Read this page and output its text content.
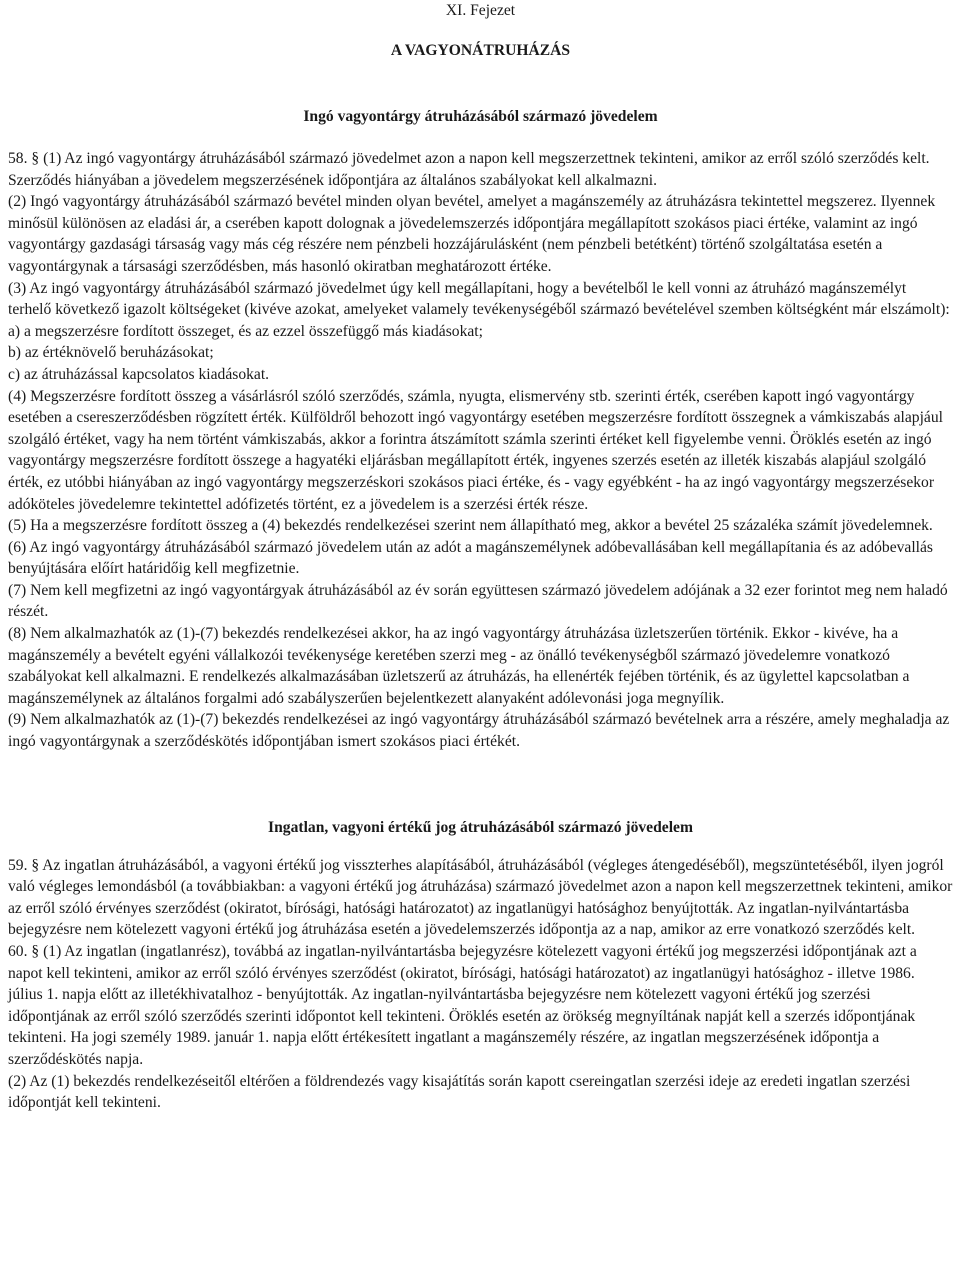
XI. Fejezet
A VAGYONÁTRUHÁZÁS
Ingó vagyontárgy átruházásából származó jövedelem

58. § (1) Az ingó vagyontárgy átruházásából származó jövedelmet azon a napon kell megszerzettnek tekinteni, amikor az erről szóló szerződés kelt. Szerződés hiányában a jövedelem megszerzésének időpontjára az általános szabályokat kell alkalmazni.

(2) Ingó vagyontárgy átruházásából származó bevétel minden olyan bevétel, amelyet a magánszemély az átruházásra tekintettel megszerez. Ilyennek minősül különösen az eladási ár, a cserében kapott dolognak a jövedelemszerzés időpontjára megállapított szokásos piaci értéke, valamint az ingó vagyontárgy gazdasági társaság vagy más cég részére nem pénzbeli hozzájárulásként (nem pénzbeli betétként) történő szolgáltatása esetén a vagyontárgynak a társasági szerződésben, más hasonló okiratban meghatározott értéke.

(3) Az ingó vagyontárgy átruházásából származó jövedelmet úgy kell megállapítani, hogy a bevételből le kell vonni az átruházó magánszemélyt terhelő következő igazolt költségeket (kivéve azokat, amelyeket valamely tevékenységéből származó bevételével szemben költségként már elszámolt):

a) a megszerzésre fordított összeget, és az ezzel összefüggő más kiadásokat;

b) az értéknövelő beruházásokat;

c) az átruházással kapcsolatos kiadásokat.

(4) Megszerzésre fordított összeg a vásárlásról szóló szerződés, számla, nyugta, elismervény stb. szerinti érték, cserében kapott ingó vagyontárgy esetében a csereszerződésben rögzített érték. Külföldről behozott ingó vagyontárgy esetében megszerzésre fordított összegnek a vámkiszabás alapjául szolgáló értéket, vagy ha nem történt vámkiszabás, akkor a forintra átszámított számla szerinti értéket kell figyelembe venni. Öröklés esetén az ingó vagyontárgy megszerzésre fordított összege a hagyatéki eljárásban megállapított érték, ingyenes szerzés esetén az illeték kiszabás alapjául szolgáló érték, ez utóbbi hiányában az ingó vagyontárgy megszerzéskori szokásos piaci értéke, és - vagy egyébként - ha az ingó vagyontárgy megszerzésekor adóköteles jövedelemre tekintettel adófizetés történt, ez a jövedelem is a szerzési érték része.

(5) Ha a megszerzésre fordított összeg a (4) bekezdés rendelkezései szerint nem állapítható meg, akkor a bevétel 25 százaléka számít jövedelemnek.

(6) Az ingó vagyontárgy átruházásából származó jövedelem után az adót a magánszemélynek adóbevallásában kell megállapítania és az adóbevallás benyújtására előírt határidőig kell megfizetnie.

(7) Nem kell megfizetni az ingó vagyontárgyak átruházásából az év során együttesen származó jövedelem adójának a 32 ezer forintot meg nem haladó részét.

(8) Nem alkalmazhatók az (1)-(7) bekezdés rendelkezései akkor, ha az ingó vagyontárgy átruházása üzletszerűen történik. Ekkor - kivéve, ha a magánszemély a bevételt egyéni vállalkozói tevékenysége keretében szerzi meg - az önálló tevékenységből származó jövedelemre vonatkozó szabályokat kell alkalmazni. E rendelkezés alkalmazásában üzletszerű az átruházás, ha ellenérték fejében történik, és az ügylettel kapcsolatban a magánszemélynek az általános forgalmi adó szabályszerűen bejelentkezett alanyaként adólevonási joga megnyílik.

(9) Nem alkalmazhatók az (1)-(7) bekezdés rendelkezései az ingó vagyontárgy átruházásából származó bevételnek arra a részére, amely meghaladja az ingó vagyontárgynak a szerződéskötés időpontjában ismert szokásos piaci értékét.

Ingatlan, vagyoni értékű jog átruházásából származó jövedelem

59. § Az ingatlan átruházásából, a vagyoni értékű jog visszterhes alapításából, átruházásából (végleges átengedéséből), megszüntetéséből, ilyen jogról való végleges lemondásból (a továbbiakban: a vagyoni értékű jog átruházása) származó jövedelmet azon a napon kell megszerzettnek tekinteni, amikor az erről szóló érvényes szerződést (okiratot, bírósági, hatósági határozatot) az ingatlanügyi hatósághoz benyújtották. Az ingatlan-nyilvántartásba bejegyzésre nem kötelezett vagyoni értékű jog átruházása esetén a jövedelemszerzés időpontja az a nap, amikor az erre vonatkozó szerződés kelt.

60. § (1) Az ingatlan (ingatlanrész), továbbá az ingatlan-nyilvántartásba bejegyzésre kötelezett vagyoni értékű jog megszerzési időpontjának azt a napot kell tekinteni, amikor az erről szóló érvényes szerződést (okiratot, bírósági, hatósági határozatot) az ingatlanügyi hatósághoz - illetve 1986. július 1. napja előtt az illetékhivatalhoz - benyújtották. Az ingatlan-nyilvántartásba bejegyzésre nem kötelezett vagyoni értékű jog szerzési időpontjának az erről szóló szerződés szerinti időpontot kell tekinteni. Öröklés esetén az örökség megnyíltának napját kell a szerzés időpontjának tekinteni. Ha jogi személy 1989. január 1. napja előtt értékesített ingatlant a magánszemély részére, az ingatlan megszerzésének időpontja a szerződéskötés napja.

(2) Az (1) bekezdés rendelkezéseitől eltérően a földrendezés vagy kisajátítás során kapott csereingatlan szerzési ideje az eredeti ingatlan szerzési időpontját kell tekinteni.
